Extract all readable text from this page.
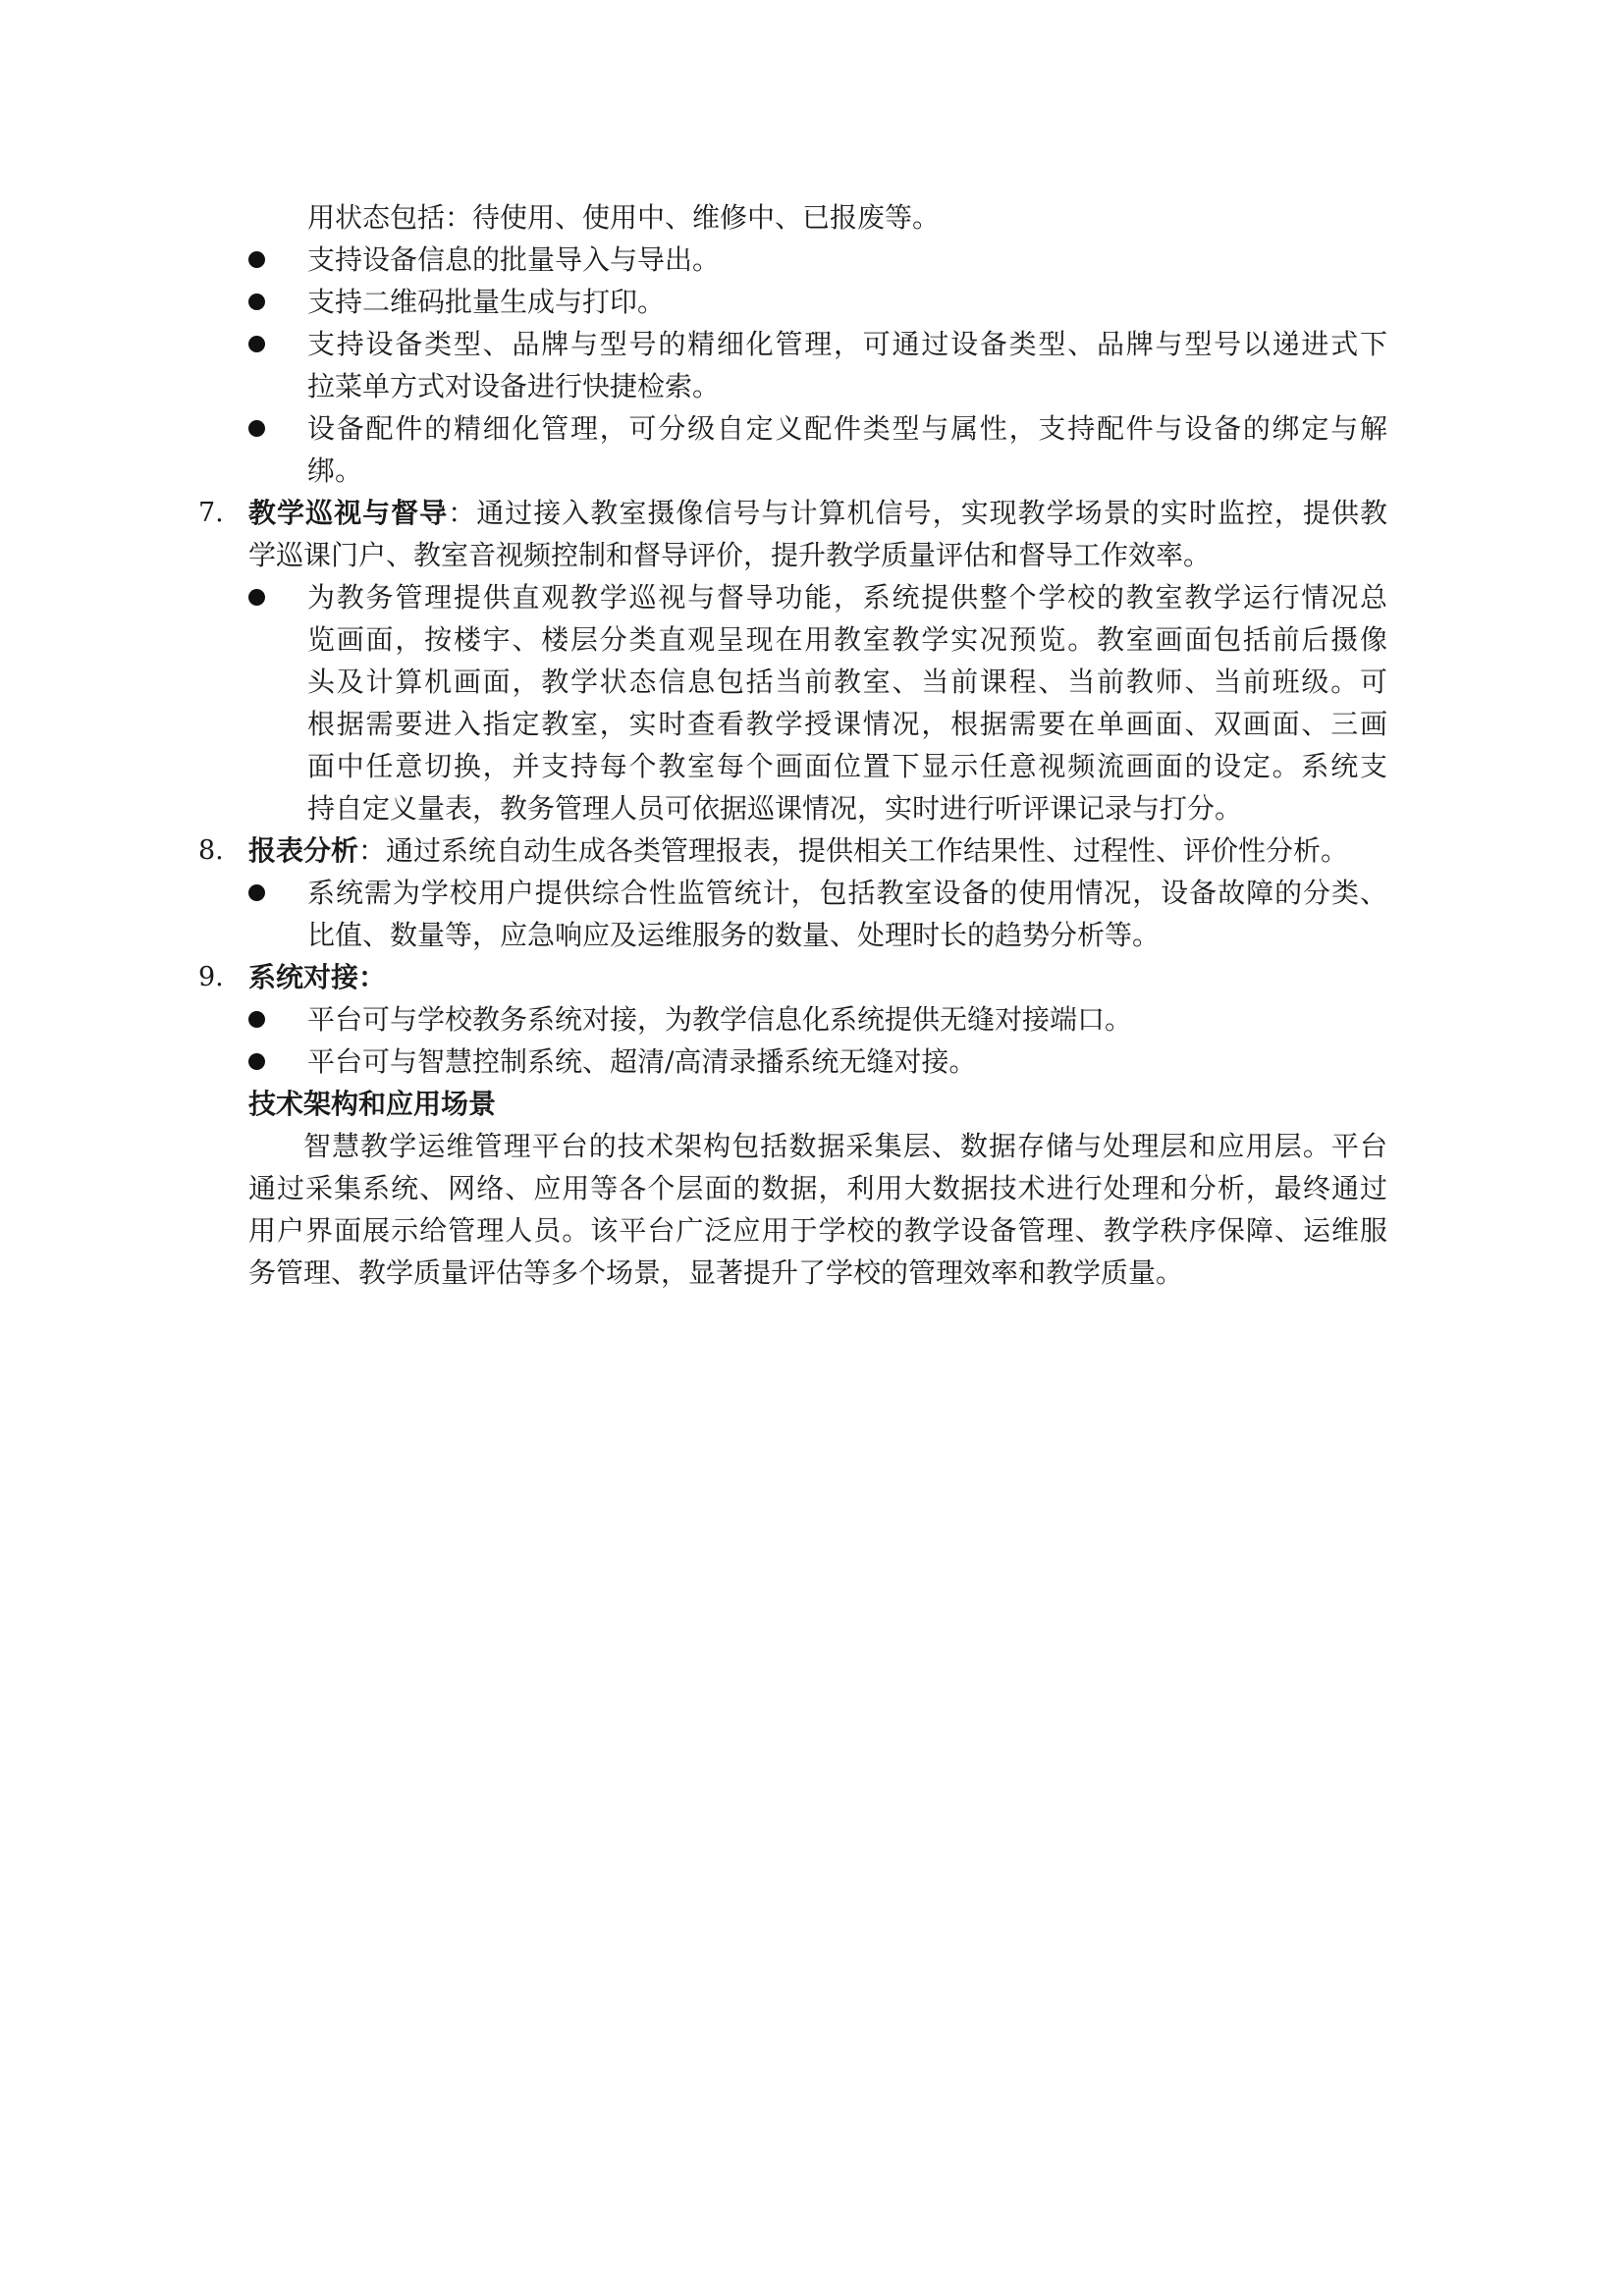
用状态包括：待使用、使用中、维修中、已报废等。
支持设备信息的批量导入与导出。
支持二维码批量生成与打印。
支持设备类型、品牌与型号的精细化管理，可通过设备类型、品牌与型号以递进式下
拉菜单方式对设备进行快捷检索。
设备配件的精细化管理，可分级自定义配件类型与属性，支持配件与设备的绑定与解
绑。
7. 教学巡视与督导：通过接入教室摄像信号与计算机信号，实现教学场景的实时监控，提供教
学巡课门户、教室音视频控制和督导评价，提升教学质量评估和督导工作效率。
为教务管理提供直观教学巡视与督导功能，系统提供整个学校的教室教学运行情况总
览画面，按楼宇、楼层分类直观呈现在用教室教学实况预览。教室画面包括前后摄像
头及计算机画面，教学状态信息包括当前教室、当前课程、当前教师、当前班级。可
根据需要进入指定教室，实时查看教学授课情况，根据需要在单画面、双画面、三画
面中任意切换，并支持每个教室每个画面位置下显示任意视频流画面的设定。系统支
持自定义量表，教务管理人员可依据巡课情况，实时进行听评课记录与打分。
8. 报表分析：通过系统自动生成各类管理报表，提供相关工作结果性、过程性、评价性分析。
系统需为学校用户提供综合性监管统计，包括教室设备的使用情况，设备故障的分类、
比值、数量等，应急响应及运维服务的数量、处理时长的趋势分析等。
9. 系统对接：
平台可与学校教务系统对接，为教学信息化系统提供无缝对接端口。
平台可与智慧控制系统、超清/高清录播系统无缝对接。
技术架构和应用场景
智慧教学运维管理平台的技术架构包括数据采集层、数据存储与处理层和应用层。平台
通过采集系统、网络、应用等各个层面的数据，利用大数据技术进行处理和分析，最终通过
用户界面展示给管理人员。该平台广泛应用于学校的教学设备管理、教学秩序保障、运维服
务管理、教学质量评估等多个场景，显著提升了学校的管理效率和教学质量。
